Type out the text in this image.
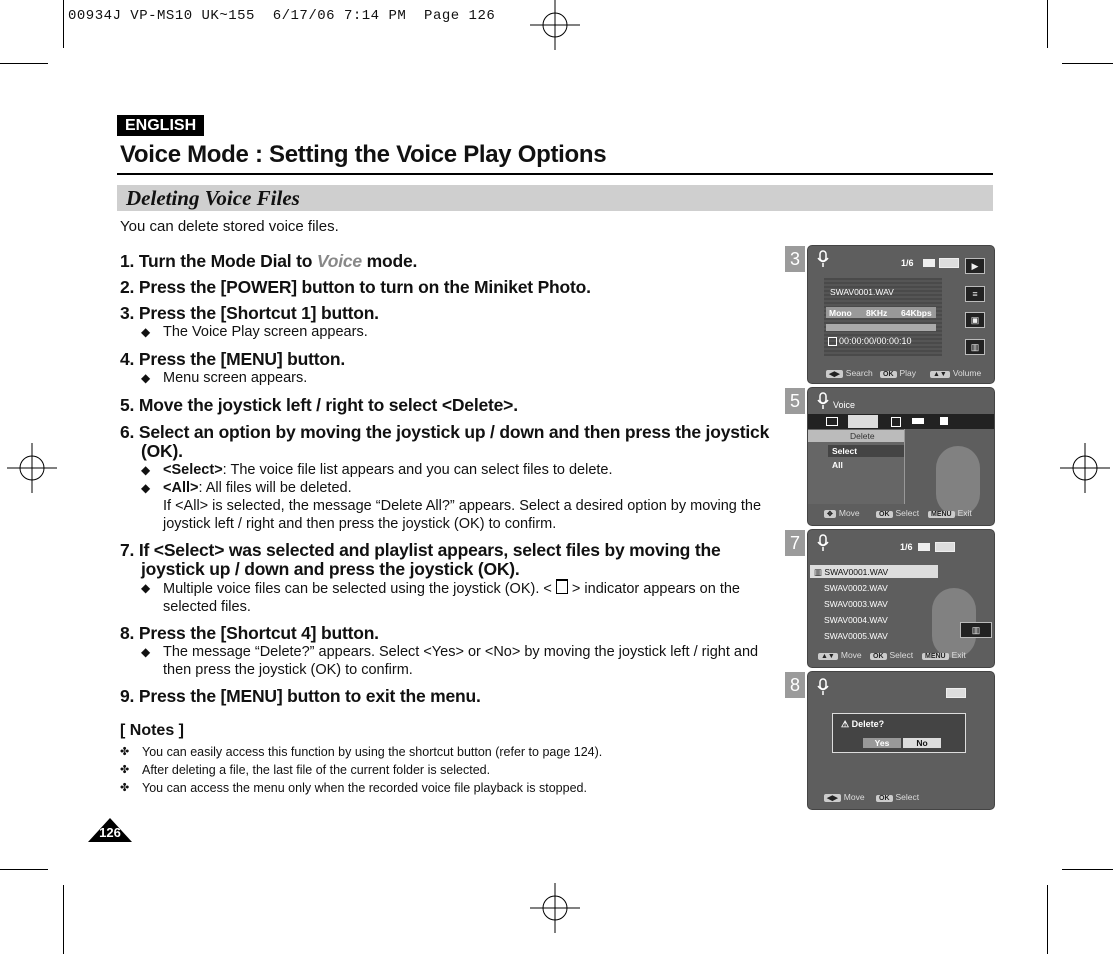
00934J VP-MS10 UK~155  6/17/06 7:14 PM  Page 126
ENGLISH
Voice Mode : Setting the Voice Play Options
Deleting Voice Files
You can delete stored voice files.

1. Turn the Mode Dial to Voice mode.

2. Press the [POWER] button to turn on the Miniket Photo.

3. Press the [Shortcut 1] button.

◆ The Voice Play screen appears.

4. Press the [MENU] button.

◆ Menu screen appears.

5. Move the joystick left / right to select <Delete>.

6. Select an option by moving the joystick up / down and then press the joystick (OK).

◆ <Select>: The voice file list appears and you can select files to delete.

◆ <All>: All files will be deleted.

If <All> is selected, the message “Delete All?” appears. Select a desired option by moving the joystick left / right and then press the joystick (OK) to confirm.

7. If <Select> was selected and playlist appears, select files by moving the joystick up / down and press the joystick (OK).

◆ Multiple voice files can be selected using the joystick (OK). < > indicator appears on the selected files.

8. Press the [Shortcut 4] button.

◆ The message “Delete?” appears. Select <Yes> or <No> by moving the joystick left / right and then press the joystick (OK) to confirm.

9. Press the [MENU] button to exit the menu.

[ Notes ]
✤ You can easily access this function by using the shortcut button (refer to page 124).
✤ After deleting a file, the last file of the current folder is selected.
✤ You can access the menu only when the recorded voice file playback is stopped.
126
3	1/6	▶
≡
▣
▥
SWAV0001.WAV
Mono 8KHz 64Kbps
00:00:00/00:00:10
◀▶ Search	OK Play	▲▼ Volume
5	Voice
Delete
Select
All
✥ Move	OK Select	MENU Exit
7	1/6
▥ SWAV0001.WAV
SWAV0002.WAV
SWAV0003.WAV
SWAV0004.WAV
SWAV0005.WAV
▥
▲▼ Move	OK Select	MENU Exit
8
⚠ Delete?
Yes	No
◀▶ Move	OK Select
